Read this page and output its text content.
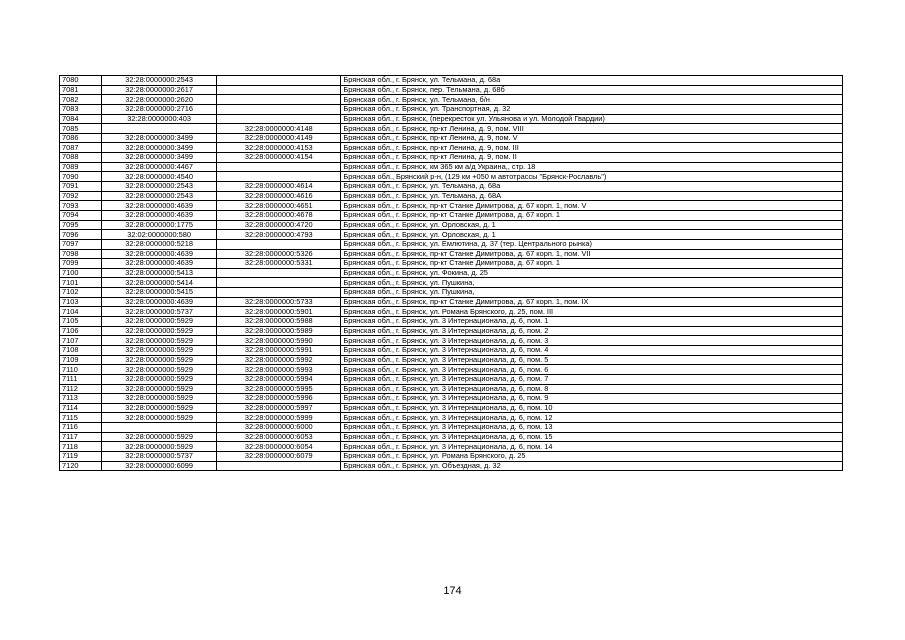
7080	32:28:0000000:2543		Брянская обл., г. Брянск, ул. Тельмана, д. 68а
7081	32:28:0000000:2617		Брянская обл., г. Брянск, пер. Тельмана, д. 68б
7082	32:28:0000000:2620		Брянская обл., г. Брянск, ул. Тельмана, б/н
7083	32:28:0000000:2716		Брянская обл., г. Брянск, ул. Транспортная, д. 32
7084	32:28:0000000:403		Брянская обл., г. Брянск, (перекресток ул. Ульянова и ул. Молодой Гвардии)
7085		32:28:0000000:4148	Брянская обл., г. Брянск, пр-кт Ленина, д. 9, пом. VIII
7086	32:28:0000000:3499	32:28:0000000:4149	Брянская обл., г. Брянск, пр-кт Ленина, д. 9, пом. V
7087	32:28:0000000:3499	32:28:0000000:4153	Брянская обл., г. Брянск, пр-кт Ленина, д. 9, пом. III
7088	32:28:0000000:3499	32:28:0000000:4154	Брянская обл., г. Брянск, пр-кт Ленина, д. 9, пом. II
7089	32:28:0000000:4467		Брянская обл., г. Брянск, км 365 км а/д Украина,, стр. 18
7090	32:28:0000000:4540		Брянская обл., Брянский р-н, (129 км +050 м автотрассы "Брянск-Рославль")
7091	32:28:0000000:2543	32:28:0000000:4614	Брянская обл., г. Брянск, ул. Тельмана, д. 68а
7092	32:28:0000000:2543	32:28:0000000:4616	Брянская обл., г. Брянск, ул. Тельмана, д. 68А
7093	32:28:0000000:4639	32:28:0000000:4651	Брянская обл., г. Брянск, пр-кт Станке Димитрова, д. 67 корп. 1, пом. V
7094	32:28:0000000:4639	32:28:0000000:4678	Брянская обл., г. Брянск, пр-кт Станке Димитрова, д. 67 корп. 1
7095	32:28:0000000:1775	32:28:0000000:4720	Брянская обл., г. Брянск, ул. Орловская, д. 1
7096	32:02:0000000:580	32:28:0000000:4793	Брянская обл., г. Брянск, ул. Орловская, д. 1
7097	32:28:0000000:5218		Брянская обл., г. Брянск, ул. Емлютина, д. 37 (тер. Центрального рынка)
7098	32:28:0000000:4639	32:28:0000000:5326	Брянская обл., г. Брянск, пр-кт Станке Димитрова, д. 67 корп. 1, пом. VII
7099	32:28:0000000:4639	32:28:0000000:5331	Брянская обл., г. Брянск, пр-кт Станке Димитрова, д. 67 корп. 1
7100	32:28:0000000:5413		Брянская обл., г. Брянск, ул. Фокина, д. 25
7101	32:28:0000000:5414		Брянская обл., г. Брянск, ул. Пушкина,
7102	32:28:0000000:5415		Брянская обл., г. Брянск, ул. Пушкина,
7103	32:28:0000000:4639	32:28:0000000:5733	Брянская обл., г. Брянск, пр-кт Станке Димитрова, д. 67 корп. 1, пом. IX
7104	32:28:0000000:5737	32:28:0000000:5901	Брянская обл., г. Брянск, ул. Романа Брянского, д. 25, пом. III
7105	32:28:0000000:5929	32:28:0000000:5988	Брянская обл., г. Брянск, ул. 3 Интернационала, д. 6, пом. 1
7106	32:28:0000000:5929	32:28:0000000:5989	Брянская обл., г. Брянск, ул. 3 Интернационала, д. 6, пом. 2
7107	32:28:0000000:5929	32:28:0000000:5990	Брянская обл., г. Брянск, ул. 3 Интернационала, д. 6, пом. 3
7108	32:28:0000000:5929	32:28:0000000:5991	Брянская обл., г. Брянск, ул. 3 Интернационала, д. 6, пом. 4
7109	32:28:0000000:5929	32:28:0000000:5992	Брянская обл., г. Брянск, ул. 3 Интернационала, д. 6, пом. 5
7110	32:28:0000000:5929	32:28:0000000:5993	Брянская обл., г. Брянск, ул. 3 Интернационала, д. 6, пом. 6
7111	32:28:0000000:5929	32:28:0000000:5994	Брянская обл., г. Брянск, ул. 3 Интернационала, д. 6, пом. 7
7112	32:28:0000000:5929	32:28:0000000:5995	Брянская обл., г. Брянск, ул. 3 Интернационала, д. 6, пом. 8
7113	32:28:0000000:5929	32:28:0000000:5996	Брянская обл., г. Брянск, ул. 3 Интернационала, д. 6, пом. 9
7114	32:28:0000000:5929	32:28:0000000:5997	Брянская обл., г. Брянск, ул. 3 Интернационала, д. 6, пом. 10
7115	32:28:0000000:5929	32:28:0000000:5999	Брянская обл., г. Брянск, ул. 3 Интернационала, д. 6, пом. 12
7116		32:28:0000000:6000	Брянская обл., г. Брянск, ул. 3 Интернационала, д. 6, пом. 13
7117	32:28:0000000:5929	32:28:0000000:6053	Брянская обл., г. Брянск, ул. 3 Интернационала, д. 6, пом. 15
7118	32:28:0000000:5929	32:28:0000000:6054	Брянская обл., г. Брянск, ул. 3 Интернационала, д. 6, пом. 14
7119	32:28:0000000:5737	32:28:0000000:6079	Брянская обл., г. Брянск, ул. Романа Брянского, д. 25
7120	32:28:0000000:6099		Брянская обл., г. Брянск, ул. Объездная, д. 32
174
